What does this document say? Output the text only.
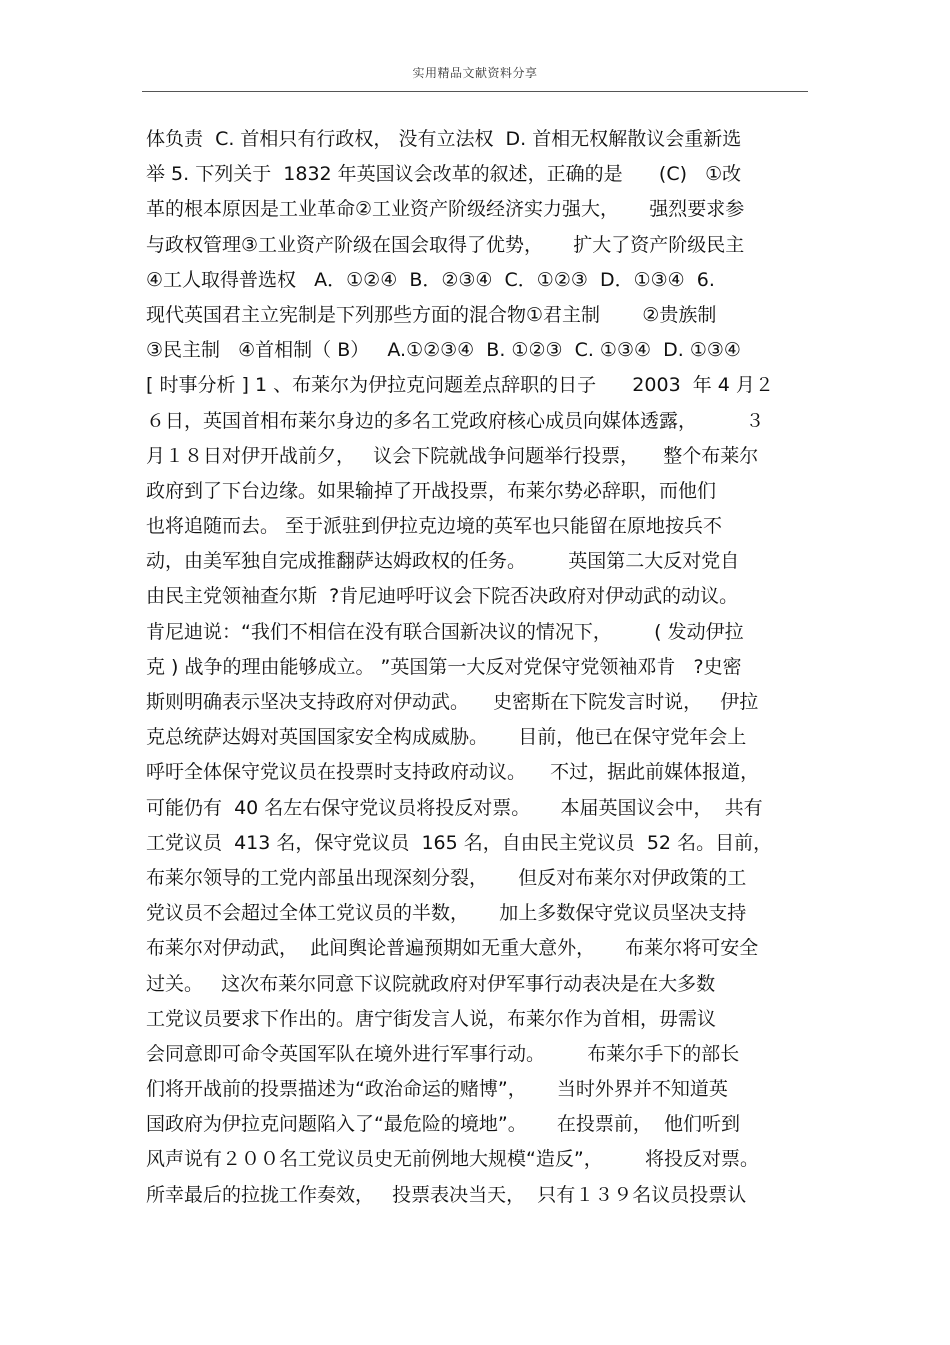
实用精品文献资料分享
体负责  C. 首相只有行政权， 没有立法权  D. 首相无权解散议会重新选
举 5. 下列关于  1832 年英国议会改革的叙述，正确的是      (C)   ①改
革的根本原因是工业革命②工业资产阶级经济实力强大，     强烈要求参
与政权管理③工业资产阶级在国会取得了优势，     扩大了资产阶级民主
④工人取得普选权   A．①②④  B．②③④  C．①②③  D．①③④  6.
现代英国君主立宪制是下列那些方面的混合物①君主制       ②贵族制
③民主制   ④首相制（ B）   A.①②③④  B. ①②③  C. ①③④  D. ①③④
[ 时事分析 ] 1 、布莱尔为伊拉克问题差点辞职的日子      2003  年 4 月２
６日，英国首相布莱尔身边的多名工党政府核心成员向媒体透露，        ３
月１８日对伊开战前夕，   议会下院就战争问题举行投票，    整个布莱尔
政府到了下台边缘。如果输掉了开战投票，布莱尔势必辞职，而他们
也将追随而去。 至于派驻到伊拉克边境的英军也只能留在原地按兵不
动，由美军独自完成推翻萨达姆政权的任务。       英国第二大反对党自
由民主党领袖查尔斯  ?肯尼迪呼吁议会下院否决政府对伊动武的动议。
肯尼迪说：“我们不相信在没有联合国新决议的情况下，       ( 发动伊拉
克 ) 战争的理由能够成立。 ”英国第一大反对党保守党领袖邓肯   ?史密
斯则明确表示坚决支持政府对伊动武。    史密斯在下院发言时说，   伊拉
克总统萨达姆对英国国家安全构成威胁。     目前，他已在保守党年会上
呼吁全体保守党议员在投票时支持政府动议。    不过，据此前媒体报道，
可能仍有  40 名左右保守党议员将投反对票。     本届英国议会中，  共有
工党议员  413 名，保守党议员  165 名，自由民主党议员  52 名。目前，
布莱尔领导的工党内部虽出现深刻分裂，     但反对布莱尔对伊政策的工
党议员不会超过全体工党议员的半数，     加上多数保守党议员坚决支持
布莱尔对伊动武，  此间舆论普遍预期如无重大意外，     布莱尔将可安全
过关。   这次布莱尔同意下议院就政府对伊军事行动表决是在大多数
工党议员要求下作出的。唐宁街发言人说，布莱尔作为首相，毋需议
会同意即可命令英国军队在境外进行军事行动。       布莱尔手下的部长
们将开战前的投票描述为“政治命运的赌博”，     当时外界并不知道英
国政府为伊拉克问题陷入了“最危险的境地”。     在投票前，  他们听到
风声说有２００名工党议员史无前例地大规模“造反”，       将投反对票。
所幸最后的拉拢工作奏效，   投票表决当天，  只有１３９名议员投票认
